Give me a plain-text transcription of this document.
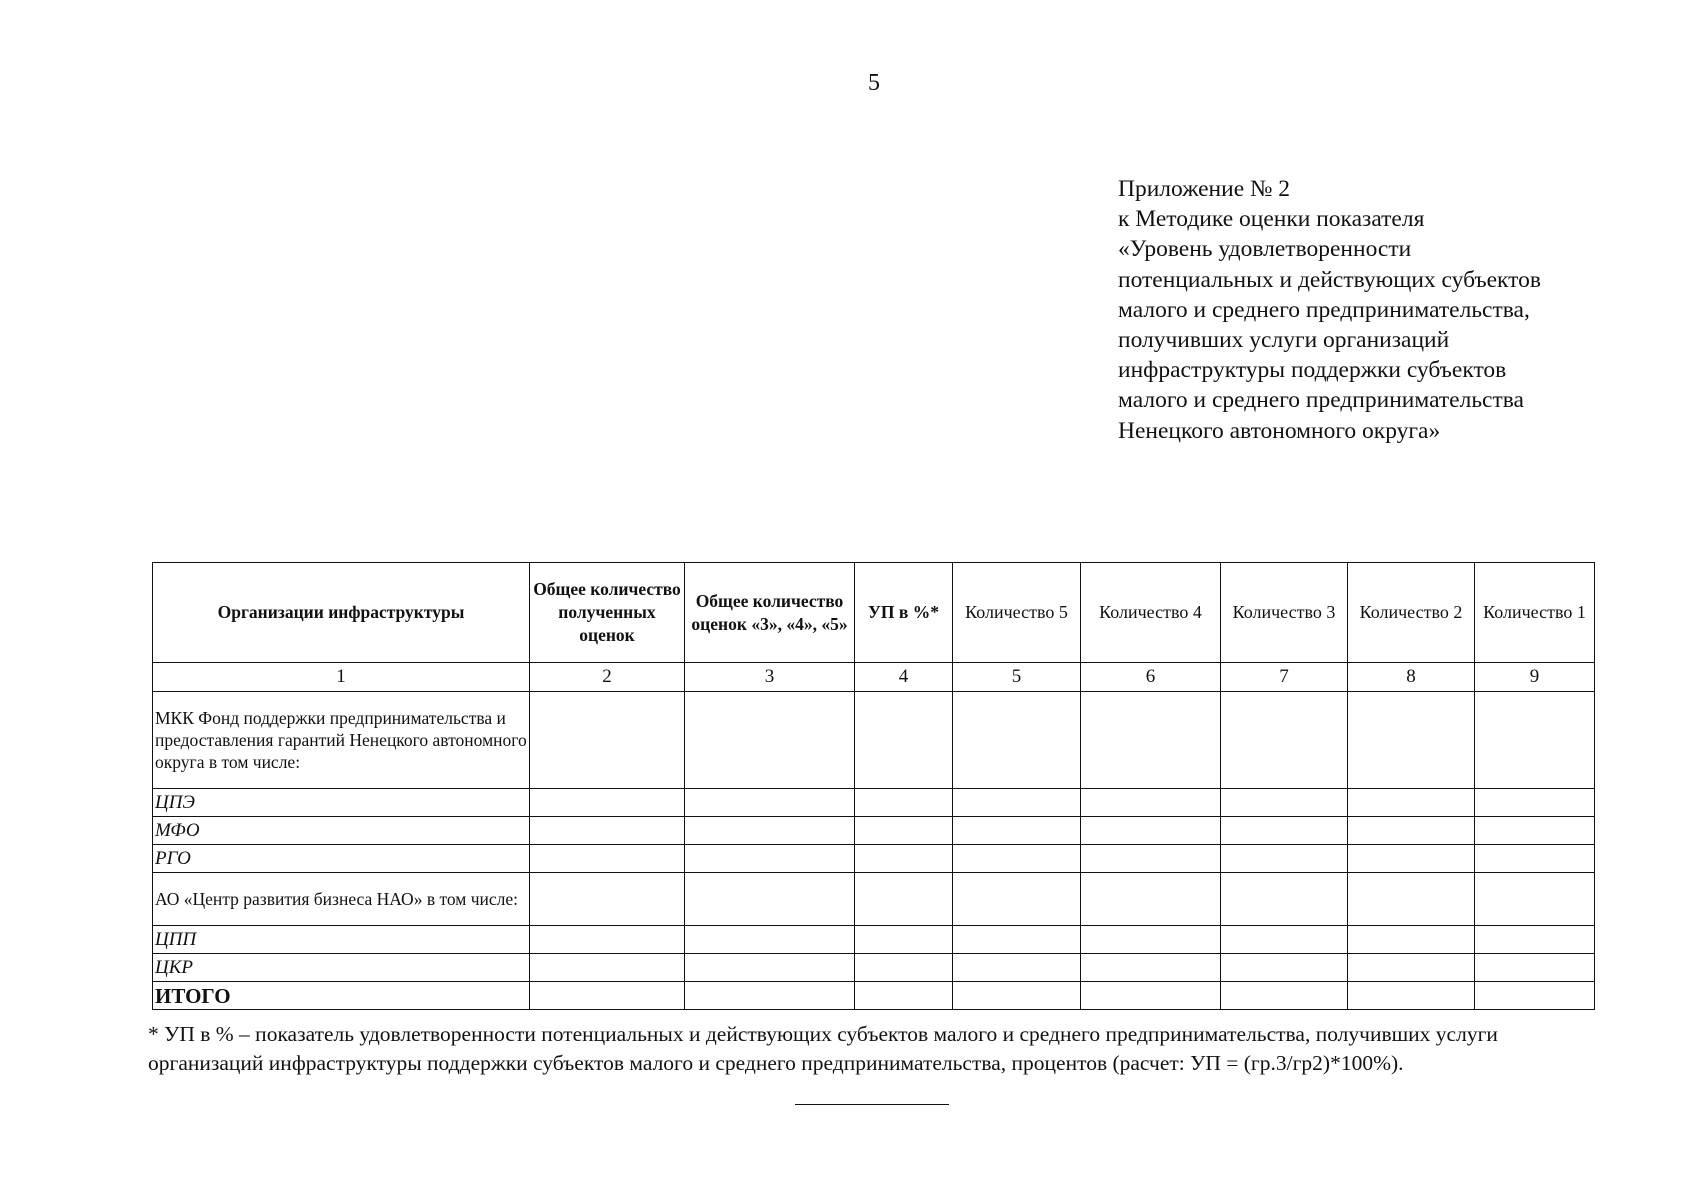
5
Приложение № 2
к Методике оценки показателя
«Уровень удовлетворенности
потенциальных и действующих субъектов
малого и среднего предпринимательства,
получивших услуги организаций
инфраструктуры поддержки субъектов
малого и среднего предпринимательства
Ненецкого автономного округа»
Организации инфраструктуры	Общее количество полученных оценок	Общее количество оценок «3», «4», «5»	УП в %*	Количество 5	Количество 4	Количество 3	Количество 2	Количество 1
1	2	3	4	5	6	7	8	9
МКК Фонд поддержки предпринимательства и предоставления гарантий Ненецкого автономного округа в том числе:								
ЦПЭ								
МФО								
РГО								
АО «Центр развития бизнеса НАО» в том числе:								
ЦПП								
ЦКР								
ИТОГО								
* УП в % – показатель удовлетворенности потенциальных и действующих субъектов малого и среднего предпринимательства, получивших услуги
организаций инфраструктуры поддержки субъектов малого и среднего предпринимательства, процентов (расчет: УП = (гр.3/гр2)*100%).
